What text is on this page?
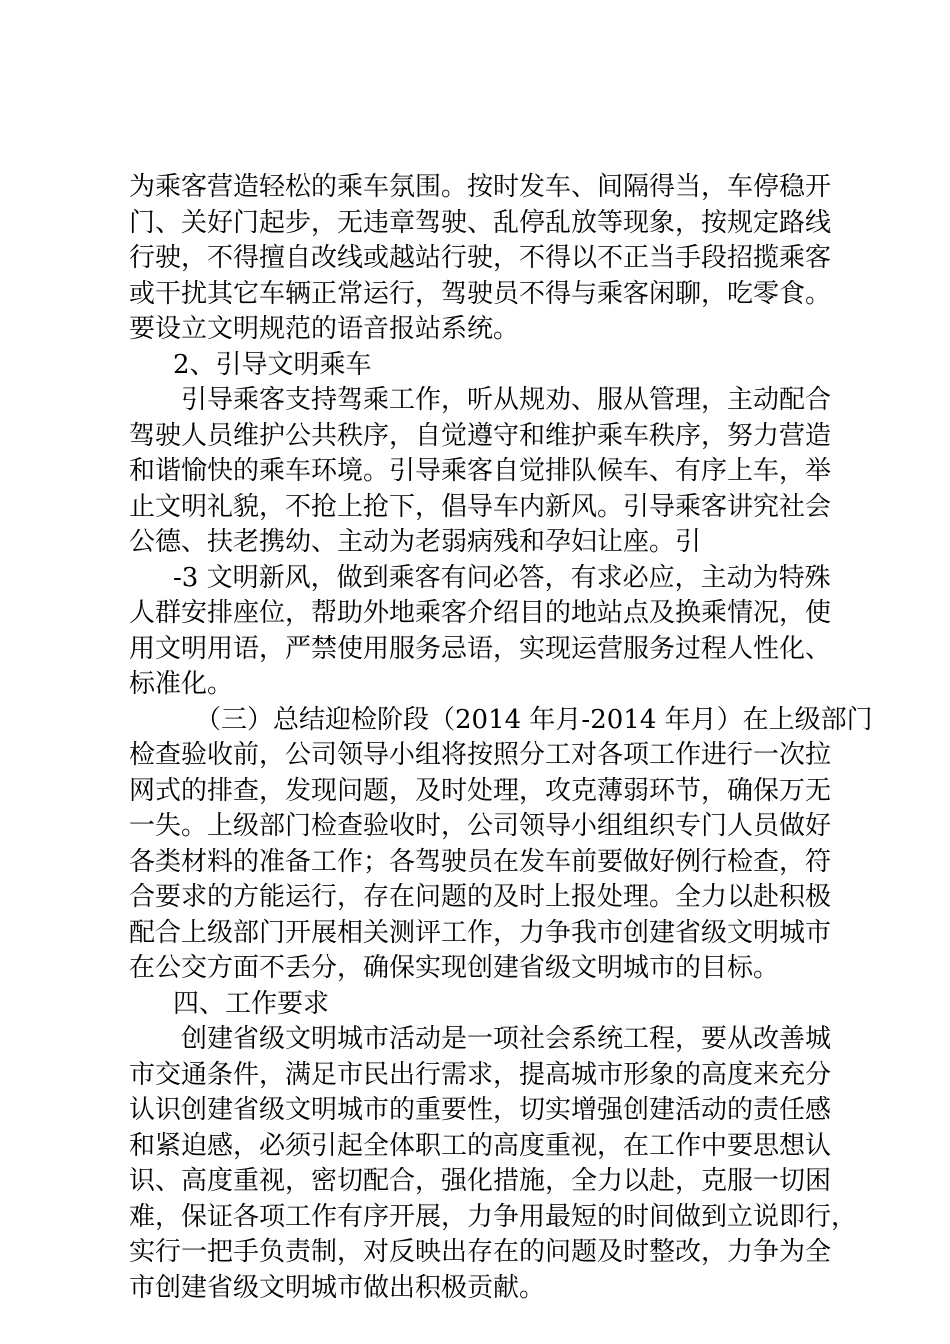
为乘客营造轻松的乘车氛围。按时发车、间隔得当，车停稳开
门、关好门起步，无违章驾驶、乱停乱放等现象，按规定路线
行驶，不得擅自改线或越站行驶，不得以不正当手段招揽乘客
或干扰其它车辆正常运行，驾驶员不得与乘客闲聊，吃零食。
要设立文明规范的语音报站系统。
2、引导文明乘车
引导乘客支持驾乘工作，听从规劝、服从管理，主动配合
驾驶人员维护公共秩序，自觉遵守和维护乘车秩序，努力营造
和谐愉快的乘车环境。引导乘客自觉排队候车、有序上车，举
止文明礼貌，不抢上抢下，倡导车内新风。引导乘客讲究社会
公德、扶老携幼、主动为老弱病残和孕妇让座。引
-3 文明新风，做到乘客有问必答，有求必应，主动为特殊
人群安排座位，帮助外地乘客介绍目的地站点及换乘情况，使
用文明用语，严禁使用服务忌语，实现运营服务过程人性化、
标准化。
（三）总结迎检阶段（2014 年月-2014 年月）在上级部门
检查验收前，公司领导小组将按照分工对各项工作进行一次拉
网式的排查，发现问题，及时处理，攻克薄弱环节，确保万无
一失。上级部门检查验收时，公司领导小组组织专门人员做好
各类材料的准备工作；各驾驶员在发车前要做好例行检查，符
合要求的方能运行，存在问题的及时上报处理。全力以赴积极
配合上级部门开展相关测评工作，力争我市创建省级文明城市
在公交方面不丢分，确保实现创建省级文明城市的目标。
四、工作要求
创建省级文明城市活动是一项社会系统工程，要从改善城
市交通条件，满足市民出行需求，提高城市形象的高度来充分
认识创建省级文明城市的重要性，切实增强创建活动的责任感
和紧迫感，必须引起全体职工的高度重视，在工作中要思想认
识、高度重视，密切配合，强化措施，全力以赴，克服一切困
难，保证各项工作有序开展，力争用最短的时间做到立说即行，
实行一把手负责制，对反映出存在的问题及时整改，力争为全
市创建省级文明城市做出积极贡献。
